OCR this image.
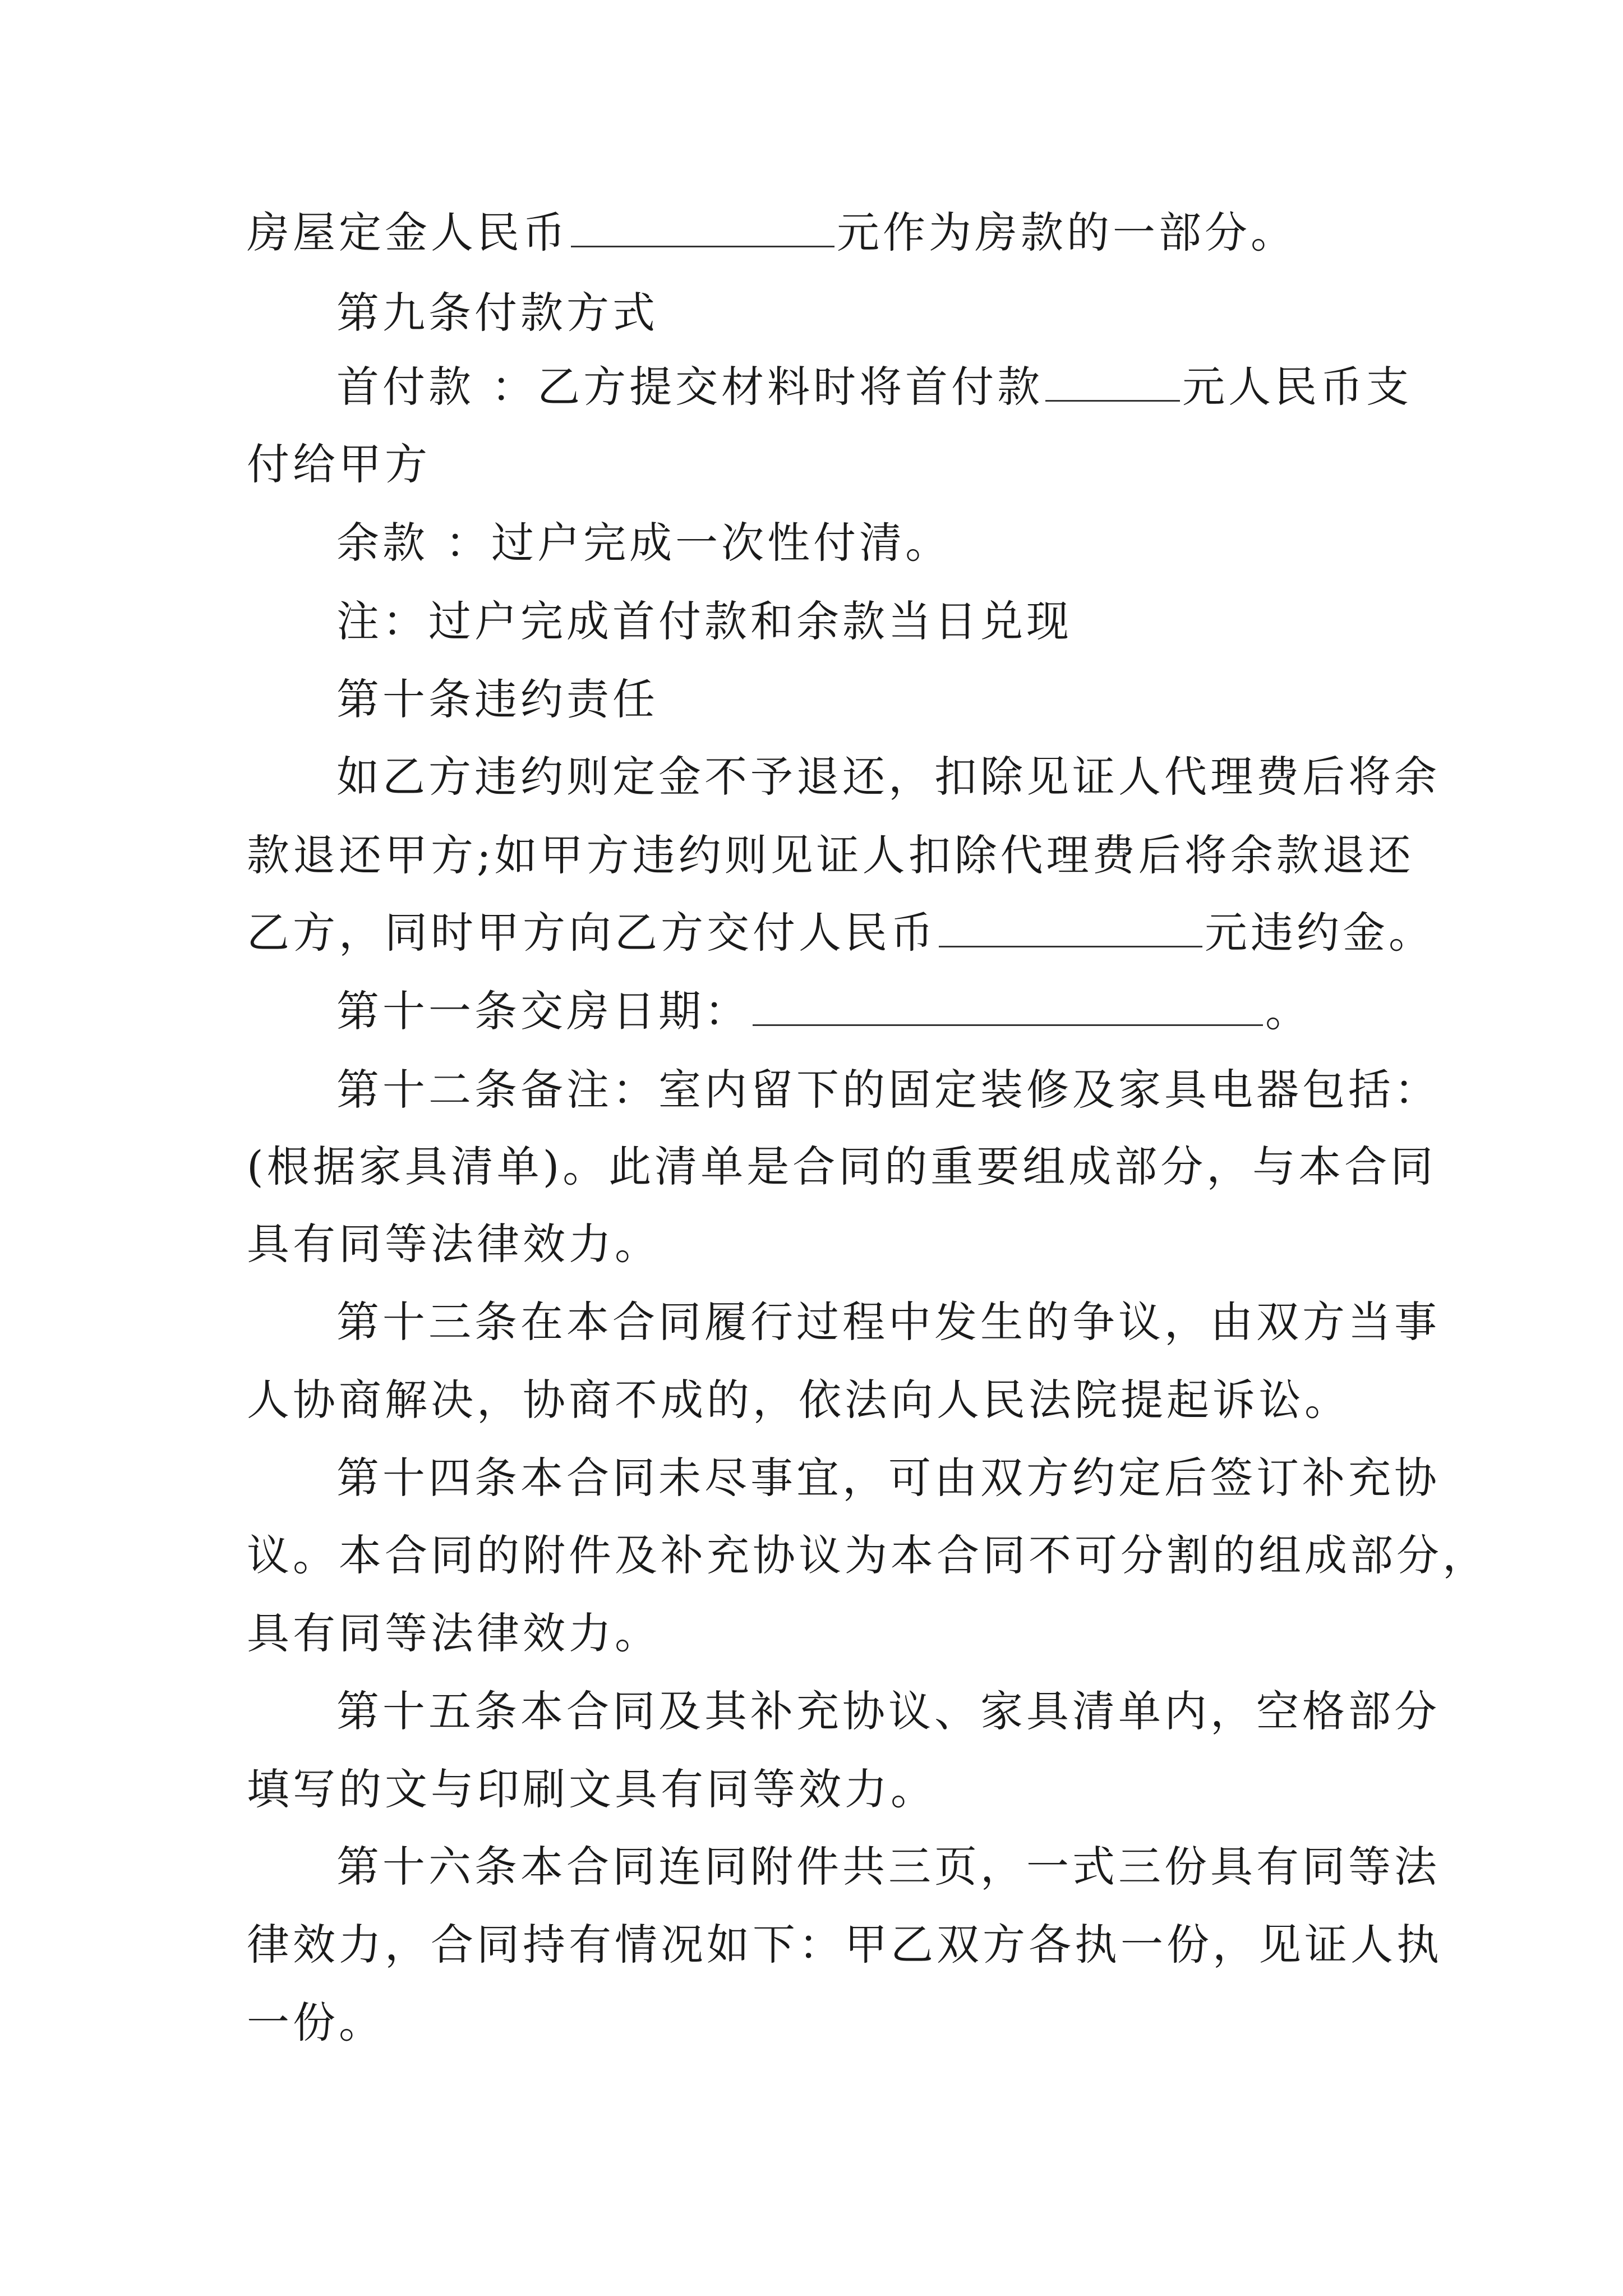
房屋定金人民币	元作为房款的一部分。
第九条付款方式
首付款 ：乙方提交材料时将首付款	元人民币支
付给甲方
余款 ：过户完成一次性付清。
注：过户完成首付款和余款当日兑现
第十条违约责任
如乙方违约则定金不予退还，扣除见证人代理费后将余
款退还甲方;如甲方违约则见证人扣除代理费后将余款退还
乙方，同时甲方向乙方交付人民币	元违约金。
第十一条交房日期：	。
第十二条备注：室内留下的固定装修及家具电器包括：
(根据家具清单)。此清单是合同的重要组成部分，与本合同
具有同等法律效力。
第十三条在本合同履行过程中发生的争议，由双方当事
人协商解决，协商不成的，依法向人民法院提起诉讼。
第十四条本合同未尽事宜，可由双方约定后签订补充协
议。本合同的附件及补充协议为本合同不可分割的组成部分，
具有同等法律效力。
第十五条本合同及其补充协议、家具清单内，空格部分
填写的文与印刷文具有同等效力。
第十六条本合同连同附件共三页，一式三份具有同等法
律效力，合同持有情况如下：甲乙双方各执一份，见证人执
一份。
